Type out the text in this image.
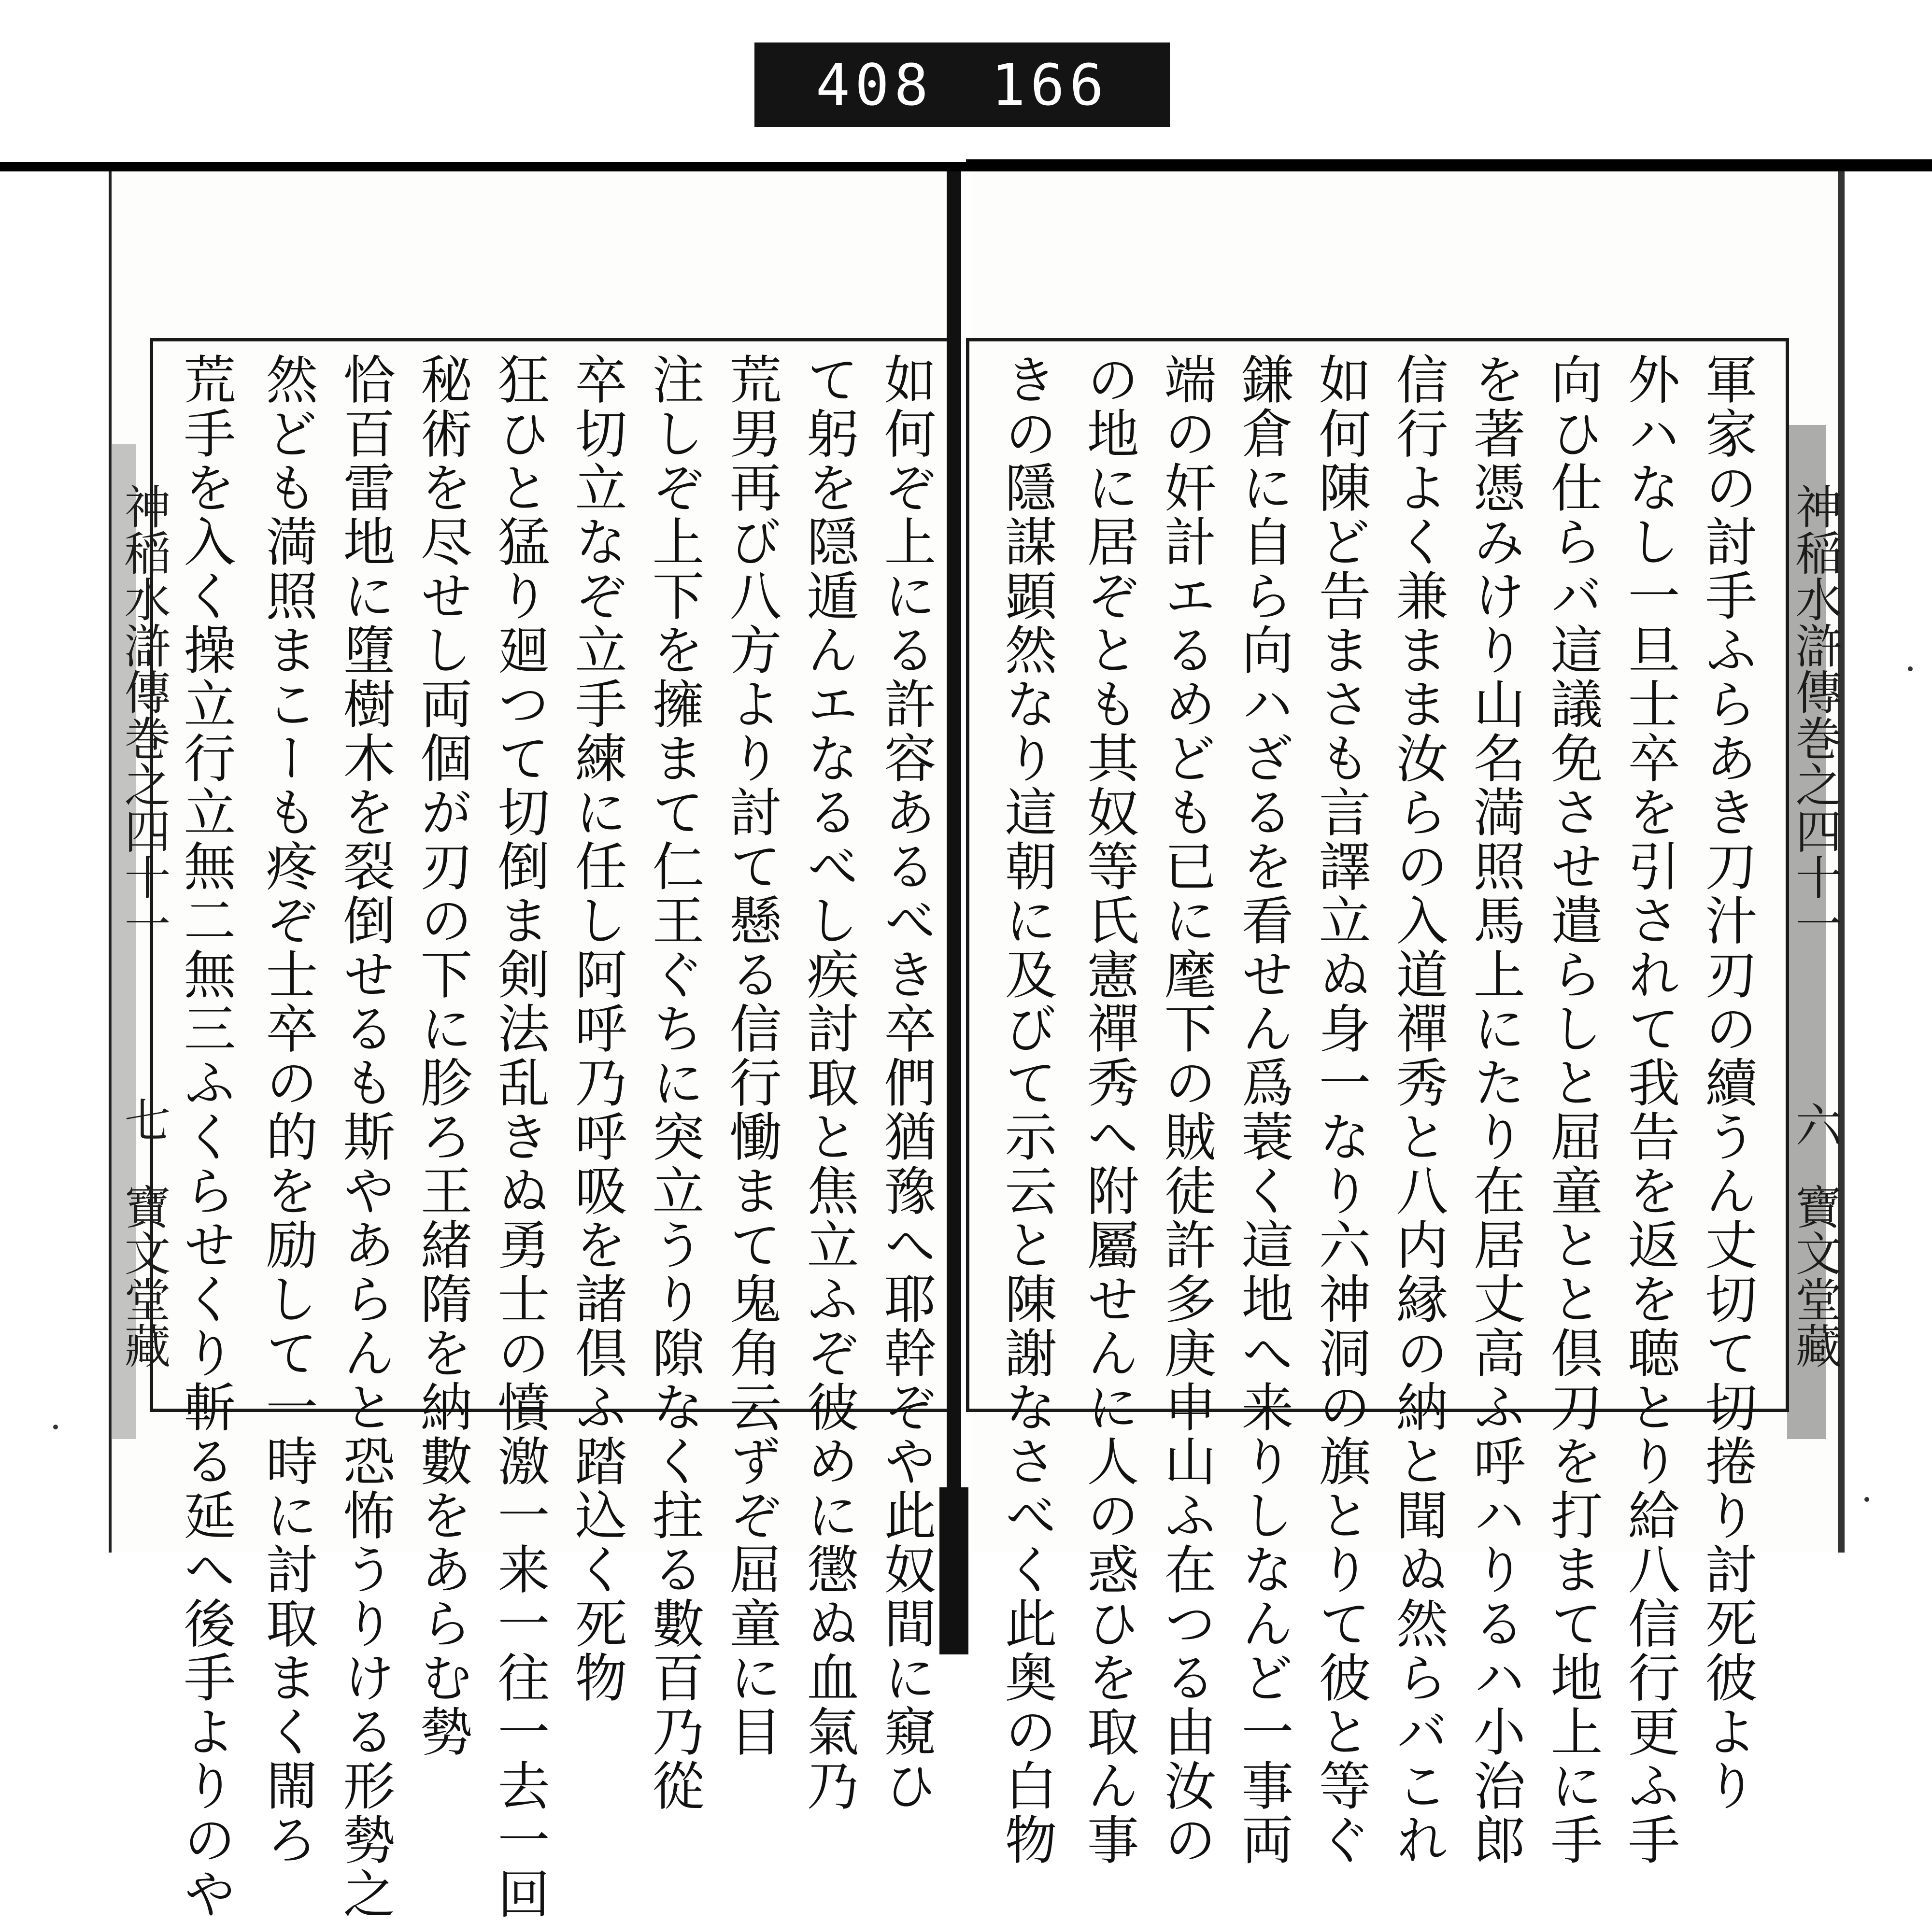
408 166
神稲水滸傳巻之四十一
七
寶文堂藏
神稲水滸傳巻之四十一
六
寶文堂藏
如何ぞ上にる許容あるべき卒們猶豫へ耶幹ぞや此奴間に窺ひ
て躬を隠遁んエなるべし疾討取と焦立ふぞ彼めに懲ぬ血氣乃
荒男再び八方より討て懸る信行慟まて鬼角云ずぞ屈童に目
注しぞ上下を擁まて仁王ぐちに突立うり隙なく拄る數百乃從
卒切立なぞ立手練に任し阿呼乃呼吸を諸倶ふ踏込く死物
狂ひと猛り廻つて切倒ま剣法乱きぬ勇士の憤激一来一往一去一回
秘術を尽せし両個が刃の下に胗ろ王緒隋を納數をあらむ勢
恰百雷地に墮樹木を裂倒せるも斯やあらんと恐怖うりける形勢之
然ども満照まこーも疼ぞ士卒の的を励して一時に討取まく閙ろ
荒手を入く操立行立無二無三ふくらせくり斬る延へ後手よりのや	軍家の討手ふらあき刀汁刃の續うん丈切て切捲り討死彼より
外ハなし一旦士卒を引されて我告を返を聴とり給八信行更ふ手
向ひ仕らバ這議免させ遣らしと屈童とと倶刀を打まて地上に手
を著憑みけり山名満照馬上にたり在居丈高ふ呼ハりるハ小治郎
信行よく兼まま汝らの入道禪秀と八内縁の納と聞ぬ然らバこれ
如何陳ど告まさも言譯立ぬ身一なり六神洞の旗とりて彼と等ぐ
鎌倉に自ら向ハざるを看せん爲蓑く這地へ来りしなんど一事両
端の奸計エるめども已に麾下の賊徒許多庚申山ふ在つる由汝の
の地に居ぞとも其奴等氏憲禪秀へ附屬せんに人の惑ひを取ん事
きの隱謀顕然なり這朝に及びて示云と陳謝なさべく此奥の白物
